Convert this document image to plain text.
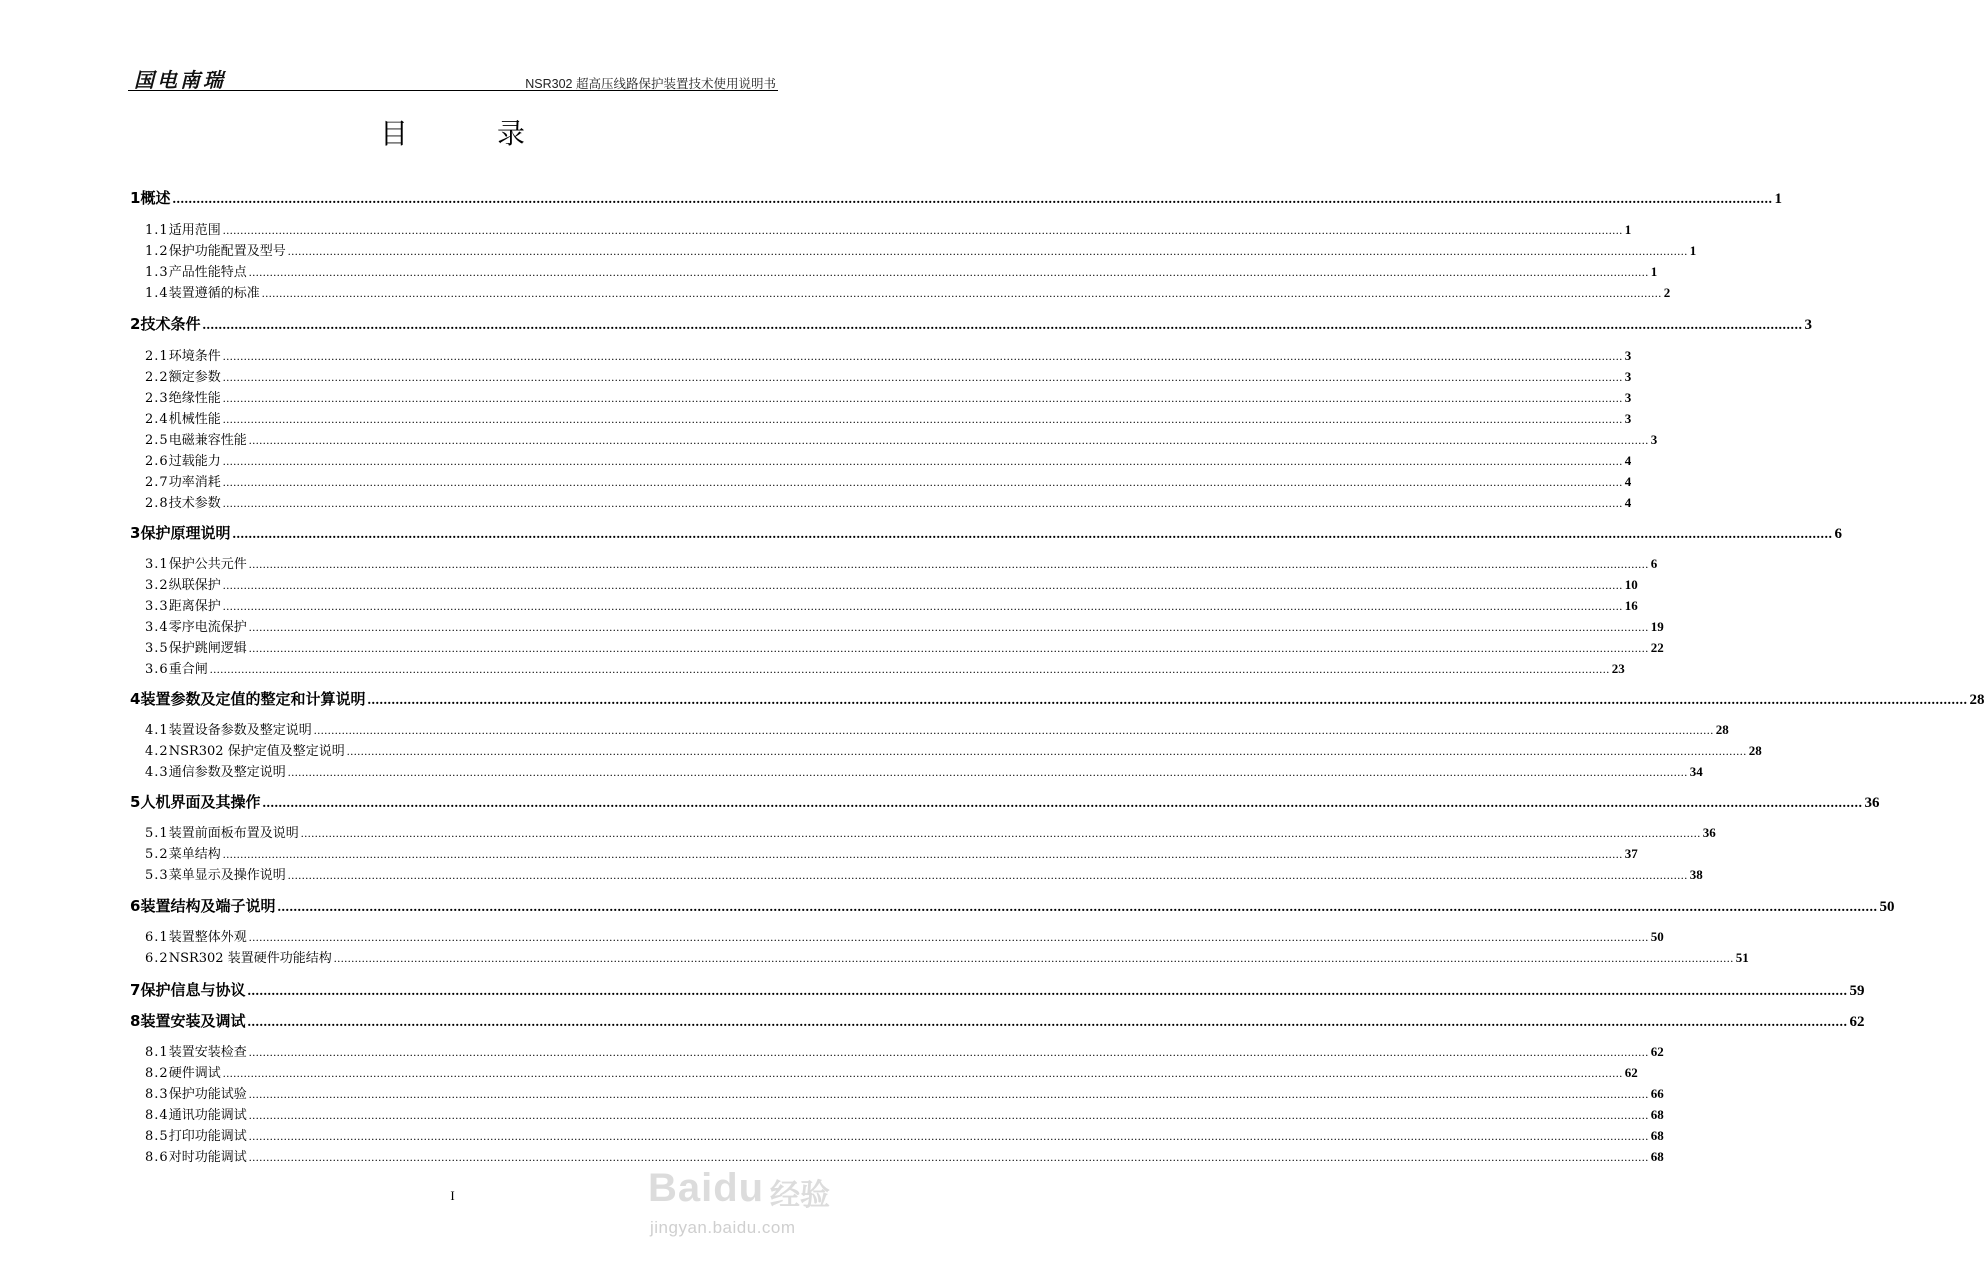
国电南瑞	NSR302 超高压线路保护装置技术使用说明书
目 录
1 概述 ................................................................................................................................................................................................................................................................................................................................................................................................................ 1
1.1 适用范围 ................................................................................................................................................................................................................................................................................................................................................................................................................ 1
1.2 保护功能配置及型号 ................................................................................................................................................................................................................................................................................................................................................................................................................ 1
1.3 产品性能特点 ................................................................................................................................................................................................................................................................................................................................................................................................................ 1
1.4 装置遵循的标准 ................................................................................................................................................................................................................................................................................................................................................................................................................ 2
2 技术条件 ................................................................................................................................................................................................................................................................................................................................................................................................................ 3
2.1 环境条件 ................................................................................................................................................................................................................................................................................................................................................................................................................ 3
2.2 额定参数 ................................................................................................................................................................................................................................................................................................................................................................................................................ 3
2.3 绝缘性能 ................................................................................................................................................................................................................................................................................................................................................................................................................ 3
2.4 机械性能 ................................................................................................................................................................................................................................................................................................................................................................................................................ 3
2.5 电磁兼容性能 ................................................................................................................................................................................................................................................................................................................................................................................................................ 3
2.6 过载能力 ................................................................................................................................................................................................................................................................................................................................................................................................................ 4
2.7 功率消耗 ................................................................................................................................................................................................................................................................................................................................................................................................................ 4
2.8 技术参数 ................................................................................................................................................................................................................................................................................................................................................................................................................ 4
3 保护原理说明 ................................................................................................................................................................................................................................................................................................................................................................................................................ 6
3.1 保护公共元件 ................................................................................................................................................................................................................................................................................................................................................................................................................ 6
3.2 纵联保护 ................................................................................................................................................................................................................................................................................................................................................................................................................ 10
3.3 距离保护 ................................................................................................................................................................................................................................................................................................................................................................................................................ 16
3.4 零序电流保护 ................................................................................................................................................................................................................................................................................................................................................................................................................ 19
3.5 保护跳闸逻辑 ................................................................................................................................................................................................................................................................................................................................................................................................................ 22
3.6 重合闸 ................................................................................................................................................................................................................................................................................................................................................................................................................ 23
4 装置参数及定值的整定和计算说明 ................................................................................................................................................................................................................................................................................................................................................................................................................ 28
4.1 装置设备参数及整定说明 ................................................................................................................................................................................................................................................................................................................................................................................................................ 28
4.2 NSR302 保护定值及整定说明 ................................................................................................................................................................................................................................................................................................................................................................................................................ 28
4.3 通信参数及整定说明 ................................................................................................................................................................................................................................................................................................................................................................................................................ 34
5 人机界面及其操作 ................................................................................................................................................................................................................................................................................................................................................................................................................ 36
5.1 装置前面板布置及说明 ................................................................................................................................................................................................................................................................................................................................................................................................................ 36
5.2 菜单结构 ................................................................................................................................................................................................................................................................................................................................................................................................................ 37
5.3 菜单显示及操作说明 ................................................................................................................................................................................................................................................................................................................................................................................................................ 38
6 装置结构及端子说明 ................................................................................................................................................................................................................................................................................................................................................................................................................ 50
6.1 装置整体外观 ................................................................................................................................................................................................................................................................................................................................................................................................................ 50
6.2 NSR302 装置硬件功能结构 ................................................................................................................................................................................................................................................................................................................................................................................................................ 51
7 保护信息与协议 ................................................................................................................................................................................................................................................................................................................................................................................................................ 59
8 装置安装及调试 ................................................................................................................................................................................................................................................................................................................................................................................................................ 62
8.1 装置安装检查 ................................................................................................................................................................................................................................................................................................................................................................................................................ 62
8.2 硬件调试 ................................................................................................................................................................................................................................................................................................................................................................................................................ 62
8.3 保护功能试验 ................................................................................................................................................................................................................................................................................................................................................................................................................ 66
8.4 通讯功能调试 ................................................................................................................................................................................................................................................................................................................................................................................................................ 68
8.5 打印功能调试 ................................................................................................................................................................................................................................................................................................................................................................................................................ 68
8.6 对时功能调试 ................................................................................................................................................................................................................................................................................................................................................................................................................ 68
I	Baidu 经验
jingyan.baidu.com
